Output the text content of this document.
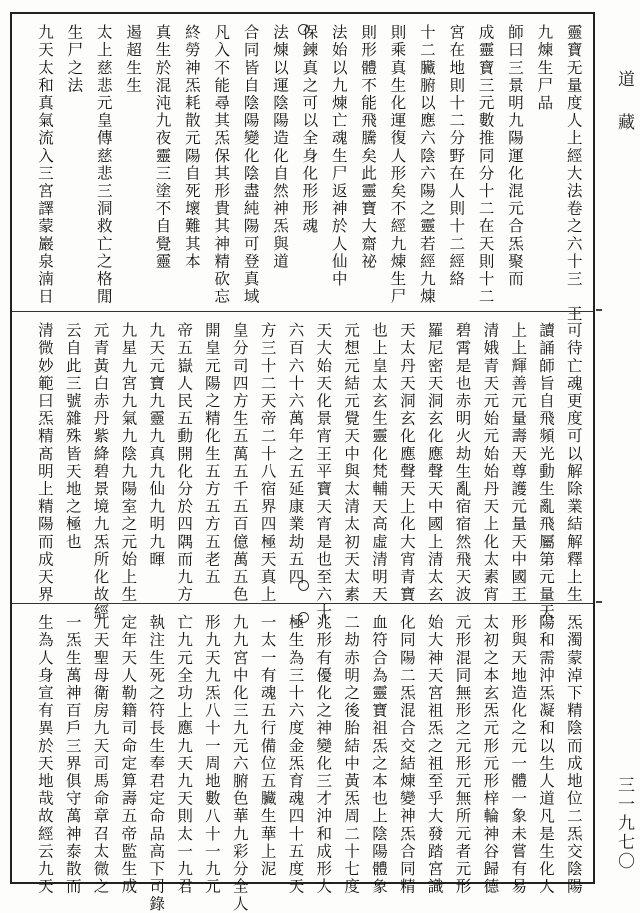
靈寶无量度人上經大法卷之六十三　王
九煉生尸品
師曰三景明九陽運化混元合炁聚而
成靈寶三元數推同分十二在天則十二
宮在地則十二分野在人則十二經絡
十二臟腑以應六陰六陽之靈若經九煉
則乘真生化運復人形矣不經九煉生尸
則形體不能飛騰矣此靈寶大齋祕
法始以九煉亡魂生尸返神於人仙中
保鍊真之可以全身化形形魂
法煉以運陰陽造化自然神炁與道
合同皆自陰陽變化陰盡純陽可登真域
凡入不能尋其炁保其形貴其神精砍忘
終勞神炁耗散元陽自死壞難其本
真生於混沌九夜靈三塗不自覺靈
遏超生生
太上慈悲元皇傳慈悲三洞救亡之格閒
生尸之法
九天太和真氣流入三宮譯蒙巖泉湳日
可待亡魂更度可以解除業結解釋上生
讀誦師旨自飛頻光動生亂飛屬第元量天
上上輝善元量壽天尊護元量天中國王
清娥青天元始元始始丹天上化太素宵
碧霄是也赤明火劫生亂宿宿然飛天波
羅尼密天洞玄化應聲天中國上清太玄
天太丹天洞玄化應聲天上化大宵青寶
也上皇太玄生靈化梵輔天高虛清明天
元想元結元覺天中與太清太初天太素
天大始天化景宵王平寶天宵是也至六十
六百六十六萬年之五延康業劫五四
方三十二天帝二十八宿界四極天真上
皇分司四方生五萬五千五百億萬五色
開皇元陽之精化生五方五方五老五
帝五嶽人民五動開化分於四隅而九方
九天元寶九靈九真九仙九明九暉
九星九宮九氣九陰九陽室之元始上生
元青黃白赤丹紫絳碧景境九炁所化故經
云自此三號雜殊皆天地之極也
清微妙範曰炁精髙明上精陽而成天界
炁濁蒙淖下精陰而成地位二炁交陰陽
陽和需沖炁凝和以生人道凡是生化人
形與天地造化之元一體一象未嘗有易
太初之本玄炁元形元形梓輪神谷歸德
元形混同無形之元形元無所元者元形
始大神天宮祖炁之祖至乎大發踏宮識
化同陽二炁混合交結煉變神炁合同精
血符合為靈寶祖炁之本也上陰陽體象
二劫赤明之後胎結中黃炁周二十七度
兆形有優化之神變化三才沖和成形大
極生為三十六度金炁育魂四十五度天
一太一有魂五行備位五臟生華上泥
九九宮中化三九元六腑色華九彩分全人
形九天九炁八十一周地數八十一九元
亡九元全功上應九天九天則太一九君
執注生死之符長生奉君定命品高下司錄
定年天人勒籍司命定算壽五帝監生成
九天聖母衛房九天司馬命章召太微之
一炁生萬神百戶三界俱守萬神泰散而
生為人身宣有異於天地哉故經云九天
道藏
三一九七〇
